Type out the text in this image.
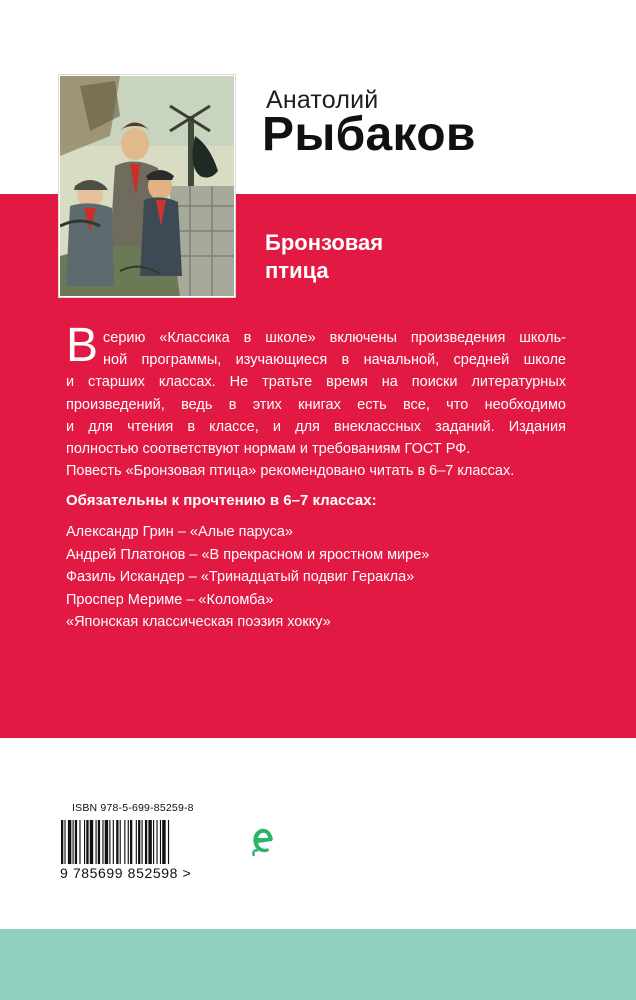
Анатолий
Рыбаков
Бронзовая
птица
В серию «Классика в школе» включены произведения школь-
ной программы, изучающиеся в начальной, средней школе
и старших классах. Не тратьте время на поиски литературных
произведений, ведь в этих книгах есть все, что необходимо
и для чтения в классе, и для внеклассных заданий. Издания
полностью соответствуют нормам и требованиям ГОСТ РФ.
Повесть «Бронзовая птица» рекомендовано читать в 6–7 классах.
Обязательны к прочтению в 6–7 классах:
Александр Грин – «Алые паруса»
Андрей Платонов – «В прекрасном и яростном мире»
Фазиль Искандер – «Тринадцатый подвиг Геракла»
Проспер Мериме – «Коломба»
«Японская классическая поэзия хокку»
ISBN 978-5-699-85259-8
9 785699 852598 >
